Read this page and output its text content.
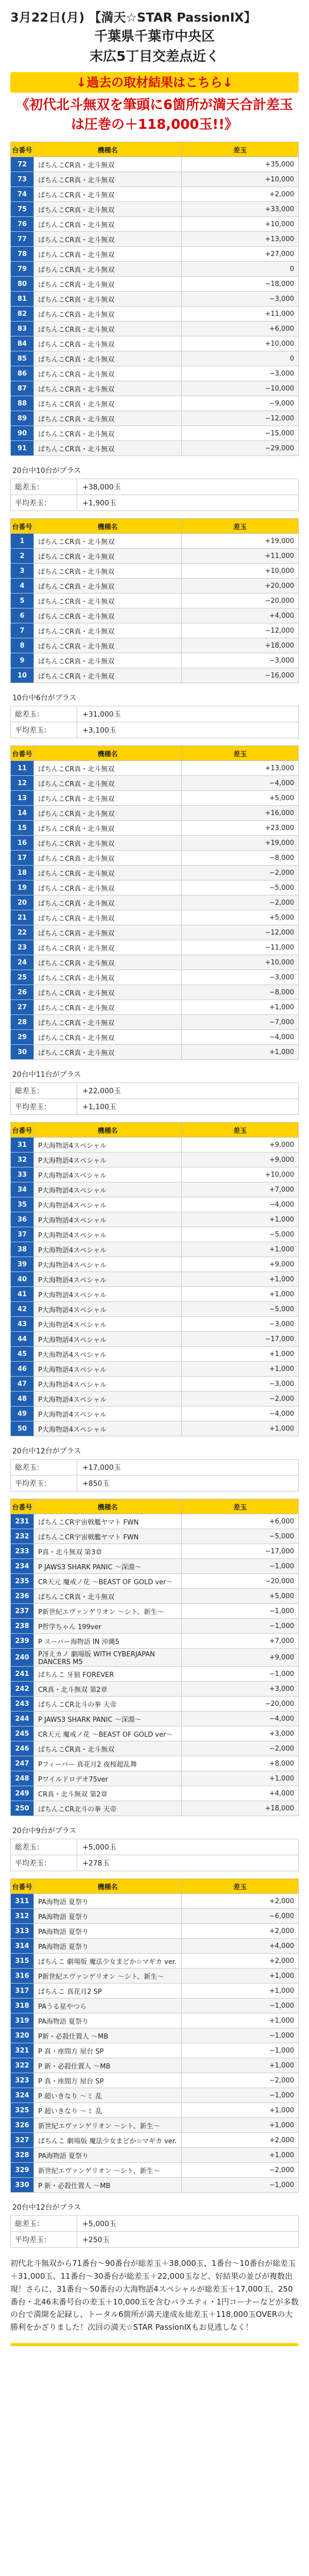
3月22日(月) 【満天☆STAR PassionⅨ】
千葉県千葉市中央区
末広5丁目交差点近く
↓過去の取材結果はこちら↓
《初代北斗無双を筆頭に6箇所が満天合計差玉は圧巻の＋118,000玉!!》
台番号	機種名	差玉
72	ぱちんこCR真・北斗無双	+35,000
73	ぱちんこCR真・北斗無双	+10,000
74	ぱちんこCR真・北斗無双	+2,000
75	ぱちんこCR真・北斗無双	+33,000
76	ぱちんこCR真・北斗無双	+10,000
77	ぱちんこCR真・北斗無双	+13,000
78	ぱちんこCR真・北斗無双	+27,000
79	ぱちんこCR真・北斗無双	0
80	ぱちんこCR真・北斗無双	−18,000
81	ぱちんこCR真・北斗無双	−3,000
82	ぱちんこCR真・北斗無双	+11,000
83	ぱちんこCR真・北斗無双	+6,000
84	ぱちんこCR真・北斗無双	+10,000
85	ぱちんこCR真・北斗無双	0
86	ぱちんこCR真・北斗無双	−3,000
87	ぱちんこCR真・北斗無双	−10,000
88	ぱちんこCR真・北斗無双	−9,000
89	ぱちんこCR真・北斗無双	−12,000
90	ぱちんこCR真・北斗無双	−15,000
91	ぱちんこCR真・北斗無双	−29,000
20台中10台がプラス
総差玉：	+38,000玉
平均差玉：	+1,900玉
台番号	機種名	差玉
1	ぱちんこCR真・北斗無双	+19,000
2	ぱちんこCR真・北斗無双	+11,000
3	ぱちんこCR真・北斗無双	+10,000
4	ぱちんこCR真・北斗無双	+20,000
5	ぱちんこCR真・北斗無双	−20,000
6	ぱちんこCR真・北斗無双	+4,000
7	ぱちんこCR真・北斗無双	−12,000
8	ぱちんこCR真・北斗無双	+18,000
9	ぱちんこCR真・北斗無双	−3,000
10	ぱちんこCR真・北斗無双	−16,000
10台中6台がプラス
総差玉：	+31,000玉
平均差玉：	+3,100玉
台番号	機種名	差玉
11	ぱちんこCR真・北斗無双	+13,000
12	ぱちんこCR真・北斗無双	−4,000
13	ぱちんこCR真・北斗無双	+5,000
14	ぱちんこCR真・北斗無双	+16,000
15	ぱちんこCR真・北斗無双	+23,000
16	ぱちんこCR真・北斗無双	+19,000
17	ぱちんこCR真・北斗無双	−8,000
18	ぱちんこCR真・北斗無双	−2,000
19	ぱちんこCR真・北斗無双	−5,000
20	ぱちんこCR真・北斗無双	−2,000
21	ぱちんこCR真・北斗無双	+5,000
22	ぱちんこCR真・北斗無双	−12,000
23	ぱちんこCR真・北斗無双	−11,000
24	ぱちんこCR真・北斗無双	+10,000
25	ぱちんこCR真・北斗無双	−3,000
26	ぱちんこCR真・北斗無双	−8,000
27	ぱちんこCR真・北斗無双	+1,000
28	ぱちんこCR真・北斗無双	−7,000
29	ぱちんこCR真・北斗無双	−4,000
30	ぱちんこCR真・北斗無双	+1,000
20台中11台がプラス
総差玉：	+22,000玉
平均差玉：	+1,100玉
台番号	機種名	差玉
31	P大海物語4スペシャル	+9,000
32	P大海物語4スペシャル	+9,000
33	P大海物語4スペシャル	+10,000
34	P大海物語4スペシャル	+7,000
35	P大海物語4スペシャル	−4,000
36	P大海物語4スペシャル	+1,000
37	P大海物語4スペシャル	−5,000
38	P大海物語4スペシャル	+1,000
39	P大海物語4スペシャル	+9,000
40	P大海物語4スペシャル	+1,000
41	P大海物語4スペシャル	+1,000
42	P大海物語4スペシャル	−5,000
43	P大海物語4スペシャル	−3,000
44	P大海物語4スペシャル	−17,000
45	P大海物語4スペシャル	+1,000
46	P大海物語4スペシャル	+1,000
47	P大海物語4スペシャル	−3,000
48	P大海物語4スペシャル	−2,000
49	P大海物語4スペシャル	−4,000
50	P大海物語4スペシャル	+1,000
20台中12台がプラス
総差玉：	+17,000玉
平均差玉：	+850玉
台番号	機種名	差玉
231	ぱちんこCR宇宙戦艦ヤマト FWN	+6,000
232	ぱちんこCR宇宙戦艦ヤマト FWN	−5,000
233	P真・北斗無双 第3章	−17,000
234	P JAWS3 SHARK PANIC 〜深淵〜	−1,000
235	CR天元 魔戒ノ花 〜BEAST OF GOLD ver〜	−20,000
236	ぱちんこCR真・北斗無双	+5,000
237	P新世紀エヴァンゲリオン 〜シト、新生〜	−1,000
238	P哲学ちゃん 199ver	−1,000
239	P スーパー海物語 IN 沖縄5	+7,000
240	P冴えカノ 劇場版 WITH CYBERJAPAN DANCERS M5	+9,000
241	ぱちんこ 牙狼 FOREVER	−1,000
242	CR真・北斗無双 第2章	+3,000
243	ぱちんこCR北斗の拳 天帝	−20,000
244	P JAWS3 SHARK PANIC 〜深淵〜	−4,000
245	CR天元 魔戒ノ花 〜BEAST OF GOLD ver〜	+3,000
246	ぱちんこCR真・北斗無双	−2,000
247	Pフィーバー 真花月2 夜桜超乱舞	+8,000
248	Pワイルドロデオ75ver	+1,000
249	CR真・北斗無双 第2章	+4,000
250	ぱちんこCR北斗の拳 天帝	+18,000
20台中9台がプラス
総差玉：	+5,000玉
平均差玉：	+278玉
台番号	機種名	差玉
311	PA海物語 夏祭り	+2,000
312	PA海物語 夏祭り	−6,000
313	PA海物語 夏祭り	+2,000
314	PA海物語 夏祭り	+4,000
315	ぱちんこ 劇場版 魔法少女まどか☆マギカ ver.	+2,000
316	P新世紀エヴァンゲリオン 〜シト、新生〜	+1,000
317	ぱちんこ 真花月2 SP	+1,000
318	PAうる星やつら	−1,000
319	PA海物語 夏祭り	+1,000
320	P新・必殺仕置人 〜MB	−1,000
321	P 真・座間方 屋台 SP	−1,000
322	P 新・必殺仕置人 〜MB	+1,000
323	P 真・座間方 屋台 SP	−2,000
324	P 超いきなり 〜ミ 乱	−1,000
325	P 超いきなり 〜ミ 乱	+1,000
326	新世紀エヴァンゲリオン 〜シト、新生〜	+1,000
327	ぱちんこ 劇場版 魔法少女まどか☆マギカ ver.	+2,000
328	PA海物語 夏祭り	+1,000
329	新世紀エヴァンゲリオン 〜シト、新生〜	−2,000
330	P 新・必殺仕置人 〜MB	−1,000
20台中12台がプラス
総差玉：	+5,000玉
平均差玉：	+250玉
初代北斗無双から71番台〜90番台が総差玉＋38,000玉、1番台〜10番台が総差玉＋31,000玉、11番台〜30番台が総差玉＋22,000玉など、好結果の並びが複数出現！さらに、31番台〜50番台の大海物語4スペシャルが総差玉＋17,000玉、250番台・北46末番号台の差玉＋10,000玉を含むバラエティ・1円コーナーなどが多数の台で満開を記録し、トータル6箇所が満天達成＆総差玉＋118,000玉OVERの大勝利をかざりました！次回の満天☆STAR PassionⅨもお見逃しなく！
